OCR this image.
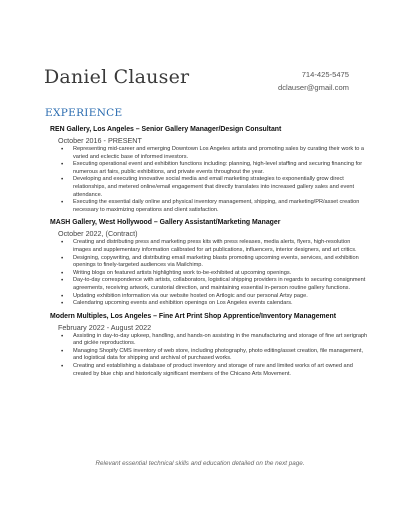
Daniel Clauser	714-425-5475
dclauser@gmail.com
EXPERIENCE
REN Gallery, Los Angeles – Senior Gallery Manager/Design Consultant
October 2016 - PRESENT
• Representing mid-career and emerging Downtown Los Angeles artists and promoting sales by curating their work to a varied and eclectic base of informed investors.
• Executing operational event and exhibition functions including: planning, high-level staffing and securing financing for numerous art fairs, public exhibitions, and private events throughout the year.
• Developing and executing innovative social media and email marketing strategies to exponentially grow direct relationships, and metered online/email engagement that directly translates into increased gallery sales and event attendance.
• Executing the essential daily online and physical inventory management, shipping, and marketing/PR/asset creation necessary to maximizing operations and client satisfaction.
MASH Gallery, West Hollywood – Gallery Assistant/Marketing Manager
October 2022, (Contract)
• Creating and distributing press and marketing press kits with press releases, media alerts, flyers, high-resolution images and supplementary information calibrated for art publications, influencers, interior designers, and art critics.
• Designing, copywriting, and distributing email marketing blasts promoting upcoming events, services, and exhibition openings to finely-targeted audiences via Mailchimp.
• Writing blogs on featured artists highlighting work to-be-exhibited at upcoming openings.
• Day-to-day correspondence with artists, collaborators, logistical shipping providers in regards to securing consignment agreements, receiving artwork, curatorial direction, and maintaining essential in-person routine gallery functions.
• Updating exhibition information via our website hosted on Artlogic and our personal Artsy page.
• Calendaring upcoming events and exhibition openings on Los Angeles events calendars.
Modern Multiples, Los Angeles – Fine Art Print Shop Apprentice/Inventory Management
February 2022 - August 2022
• Assisting in day-to-day upkeep, handling, and hands-on assisting in the manufacturing and storage of fine art serigraph and giclée reproductions.
• Managing Shopify CMS inventory of web store, including photography, photo editing/asset creation, file management, and logistical data for shipping and archival of purchased works.
• Creating and establishing a database of product inventory and storage of rare and limited works of art owned and created by blue chip and historically significant members of the Chicano Arts Movement.
Relevant essential technical skills and education detailed on the next page.
